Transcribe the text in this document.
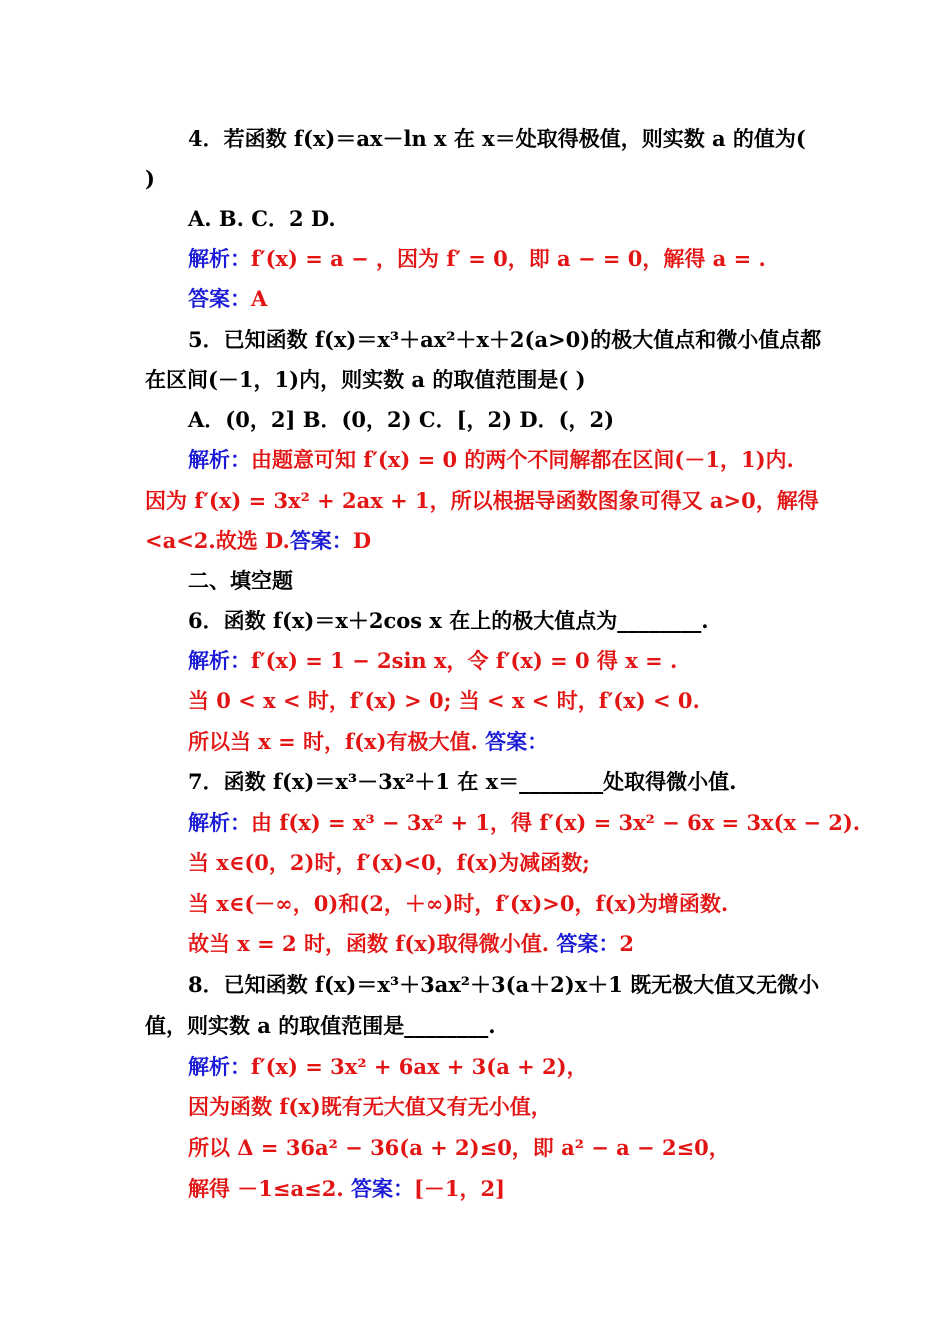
4．若函数 f(x)＝ax－ln x 在 x＝处取得极值，则实数 a 的值为(
)
A. B. C．2 D.
解析：f′(x) = a − ，因为 f′ = 0，即 a − = 0，解得 a = .
答案：A
5．已知函数 f(x)＝x³＋ax²＋x＋2(a>0)的极大值点和微小值点都
在区间(－1，1)内，则实数 a 的取值范围是( )
A．(0，2] B．(0，2) C．[，2) D．(，2)
解析：由题意可知 f′(x) = 0 的两个不同解都在区间(－1，1)内.
因为 f′(x) = 3x² + 2ax + 1，所以根据导函数图象可得又 a>0，解得
<a<2.故选 D.答案：D
二、填空题
6．函数 f(x)＝x＋2cos x 在上的极大值点为________.
解析：f′(x) = 1 − 2sin x，令 f′(x) = 0 得 x = .
当 0 < x < 时，f′(x) > 0; 当 < x < 时，f′(x) < 0.
所以当 x = 时，f(x)有极大值. 答案：
7．函数 f(x)＝x³－3x²＋1 在 x＝________处取得微小值.
解析：由 f(x) = x³ − 3x² + 1，得 f′(x) = 3x² − 6x = 3x(x − 2).
当 x∈(0，2)时，f′(x)<0，f(x)为减函数;
当 x∈(－∞，0)和(2，＋∞)时，f′(x)>0，f(x)为增函数.
故当 x = 2 时，函数 f(x)取得微小值. 答案：2
8．已知函数 f(x)＝x³＋3ax²＋3(a＋2)x＋1 既无极大值又无微小
值，则实数 a 的取值范围是________.
解析：f′(x) = 3x² + 6ax + 3(a + 2)，
因为函数 f(x)既有无大值又有无小值，
所以 Δ = 36a² − 36(a + 2)≤0，即 a² − a − 2≤0，
解得 －1≤a≤2. 答案：[－1，2]
